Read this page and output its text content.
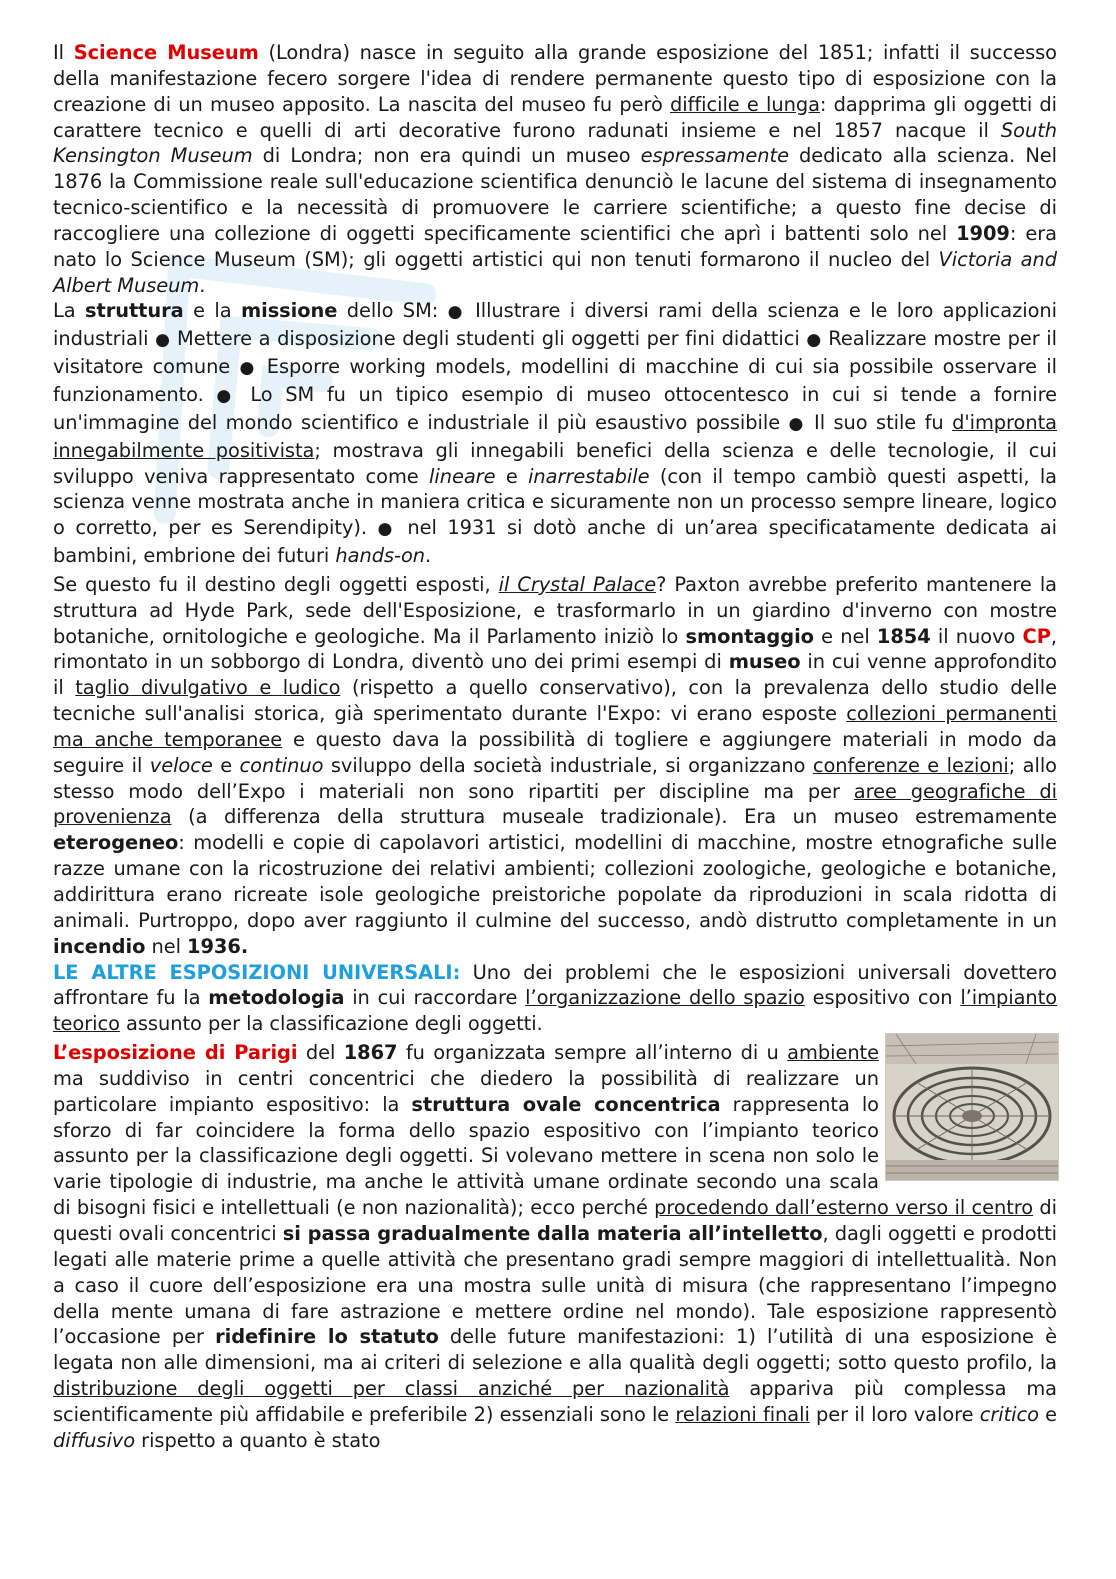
Il Science Museum (Londra) nasce in seguito alla grande esposizione del 1851; infatti il successo della manifestazione fecero sorgere l'idea di rendere permanente questo tipo di esposizione con la creazione di un museo apposito. La nascita del museo fu però difficile e lunga: dapprima gli oggetti di carattere tecnico e quelli di arti decorative furono radunati insieme e nel 1857 nacque il South Kensington Museum di Londra; non era quindi un museo espressamente dedicato alla scienza. Nel 1876 la Commissione reale sull'educazione scientifica denunciò le lacune del sistema di insegnamento tecnico-scientifico e la necessità di promuovere le carriere scientifiche; a questo fine decise di raccogliere una collezione di oggetti specificamente scientifici che aprì i battenti solo nel 1909: era nato lo Science Museum (SM); gli oggetti artistici qui non tenuti formarono il nucleo del Victoria and Albert Museum.

La struttura e la missione dello SM: ● Illustrare i diversi rami della scienza e le loro applicazioni industriali ● Mettere a disposizione degli studenti gli oggetti per fini didattici ● Realizzare mostre per il visitatore comune ● Esporre working models, modellini di macchine di cui sia possibile osservare il funzionamento. ● Lo SM fu un tipico esempio di museo ottocentesco in cui si tende a fornire un'immagine del mondo scientifico e industriale il più esaustivo possibile ● Il suo stile fu d'impronta innegabilmente positivista; mostrava gli innegabili benefici della scienza e delle tecnologie, il cui sviluppo veniva rappresentato come lineare e inarrestabile (con il tempo cambiò questi aspetti, la scienza venne mostrata anche in maniera critica e sicuramente non un processo sempre lineare, logico o corretto, per es Serendipity). ● nel 1931 si dotò anche di un’area specificatamente dedicata ai bambini, embrione dei futuri hands-on.

Se questo fu il destino degli oggetti esposti, il Crystal Palace? Paxton avrebbe preferito mantenere la struttura ad Hyde Park, sede dell'Esposizione, e trasformarlo in un giardino d'inverno con mostre botaniche, ornitologiche e geologiche. Ma il Parlamento iniziò lo smontaggio e nel 1854 il nuovo CP, rimontato in un sobborgo di Londra, diventò uno dei primi esempi di museo in cui venne approfondito il taglio divulgativo e ludico (rispetto a quello conservativo), con la prevalenza dello studio delle tecniche sull'analisi storica, già sperimentato durante l'Expo: vi erano esposte collezioni permanenti ma anche temporanee e questo dava la possibilità di togliere e aggiungere materiali in modo da seguire il veloce e continuo sviluppo della società industriale, si organizzano conferenze e lezioni; allo stesso modo dell’Expo i materiali non sono ripartiti per discipline ma per aree geografiche di provenienza (a differenza della struttura museale tradizionale). Era un museo estremamente eterogeneo: modelli e copie di capolavori artistici, modellini di macchine, mostre etnografiche sulle razze umane con la ricostruzione dei relativi ambienti; collezioni zoologiche, geologiche e botaniche, addirittura erano ricreate isole geologiche preistoriche popolate da riproduzioni in scala ridotta di animali. Purtroppo, dopo aver raggiunto il culmine del successo, andò distrutto completamente in un incendio nel 1936.

LE ALTRE ESPOSIZIONI UNIVERSALI: Uno dei problemi che le esposizioni universali dovettero affrontare fu la metodologia in cui raccordare l’organizzazione dello spazio espositivo con l’impianto teorico assunto per la classificazione degli oggetti.

L’esposizione di Parigi del 1867 fu organizzata sempre all’interno di u ambiente ma suddiviso in centri concentrici che diedero la possibilità di realizzare un particolare impianto espositivo: la struttura ovale concentrica rappresenta lo sforzo di far coincidere la forma dello spazio espositivo con l’impianto teorico assunto per la classificazione degli oggetti. Si volevano mettere in scena non solo le varie tipologie di industrie, ma anche le attività umane ordinate secondo una scala di bisogni fisici e intellettuali (e non nazionalità); ecco perché procedendo dall’esterno verso il centro di questi ovali concentrici si passa gradualmente dalla materia all’intelletto, dagli oggetti e prodotti legati alle materie prime a quelle attività che presentano gradi sempre maggiori di intellettualità. Non a caso il cuore dell’esposizione era una mostra sulle unità di misura (che rappresentano l’impegno della mente umana di fare astrazione e mettere ordine nel mondo). Tale esposizione rappresentò l’occasione per ridefinire lo statuto delle future manifestazioni: 1) l’utilità di una esposizione è legata non alle dimensioni, ma ai criteri di selezione e alla qualità degli oggetti; sotto questo profilo, la distribuzione degli oggetti per classi anziché per nazionalità appariva più complessa ma scientificamente più affidabile e preferibile 2) essenziali sono le relazioni finali per il loro valore critico e diffusivo rispetto a quanto è stato
